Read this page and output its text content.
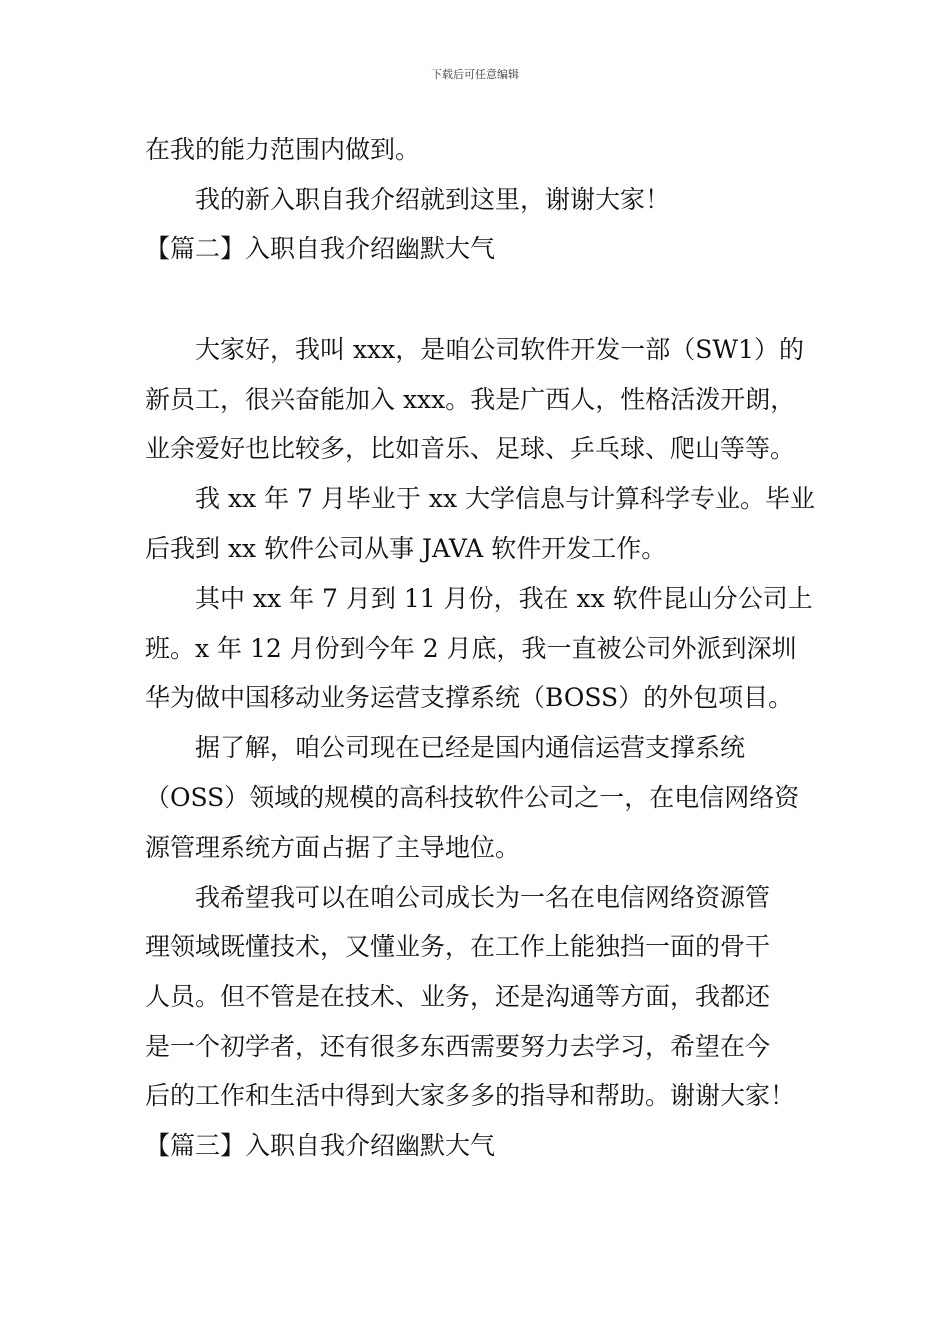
下载后可任意编辑
在我的能力范围内做到。
我的新入职自我介绍就到这里，谢谢大家！
【篇二】入职自我介绍幽默大气
大家好，我叫 xxx，是咱公司软件开发一部（SW1）的
新员工，很兴奋能加入 xxx。我是广西人，性格活泼开朗，
业余爱好也比较多，比如音乐、足球、乒乓球、爬山等等。
我 xx 年 7 月毕业于 xx 大学信息与计算科学专业。毕业
后我到 xx 软件公司从事 JAVA 软件开发工作。
其中 xx 年 7 月到 11 月份，我在 xx 软件昆山分公司上
班。x 年 12 月份到今年 2 月底，我一直被公司外派到深圳
华为做中国移动业务运营支撑系统（BOSS）的外包项目。
据了解，咱公司现在已经是国内通信运营支撑系统
（OSS）领域的规模的高科技软件公司之一，在电信网络资
源管理系统方面占据了主导地位。
我希望我可以在咱公司成长为一名在电信网络资源管
理领域既懂技术，又懂业务，在工作上能独挡一面的骨干
人员。但不管是在技术、业务，还是沟通等方面，我都还
是一个初学者，还有很多东西需要努力去学习，希望在今
后的工作和生活中得到大家多多的指导和帮助。谢谢大家！
【篇三】入职自我介绍幽默大气
